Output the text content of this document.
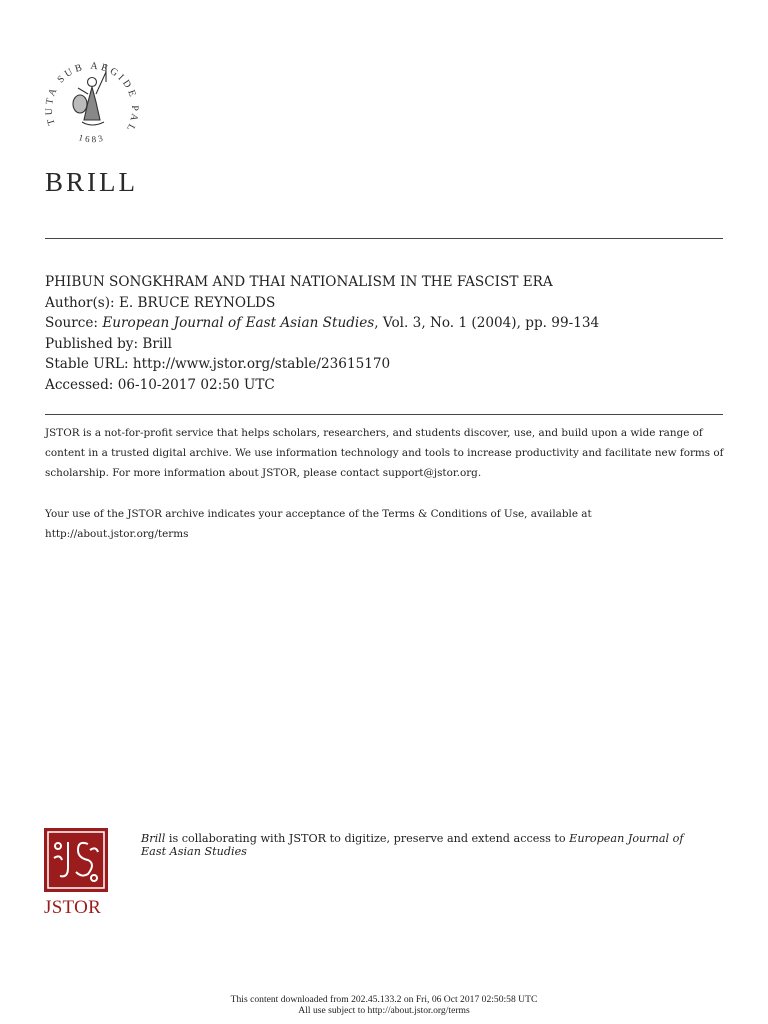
TUTA SUB AEGIDE PAL
1683
BRILL
PHIBUN SONGKHRAM AND THAI NATIONALISM IN THE FASCIST ERA
Author(s): E. BRUCE REYNOLDS
Source: European Journal of East Asian Studies, Vol. 3, No. 1 (2004), pp. 99-134
Published by: Brill
Stable URL: http://www.jstor.org/stable/23615170
Accessed: 06-10-2017 02:50 UTC

JSTOR is a not-for-profit service that helps scholars, researchers, and students discover, use, and build upon a wide range of content in a trusted digital archive. We use information technology and tools to increase productivity and facilitate new forms of scholarship. For more information about JSTOR, please contact support@jstor.org.

Your use of the JSTOR archive indicates your acceptance of the Terms & Conditions of Use, available at http://about.jstor.org/terms

JSTOR
Brill is collaborating with JSTOR to digitize, preserve and extend access to European Journal of East Asian Studies
This content downloaded from 202.45.133.2 on Fri, 06 Oct 2017 02:50:58 UTC
All use subject to http://about.jstor.org/terms
